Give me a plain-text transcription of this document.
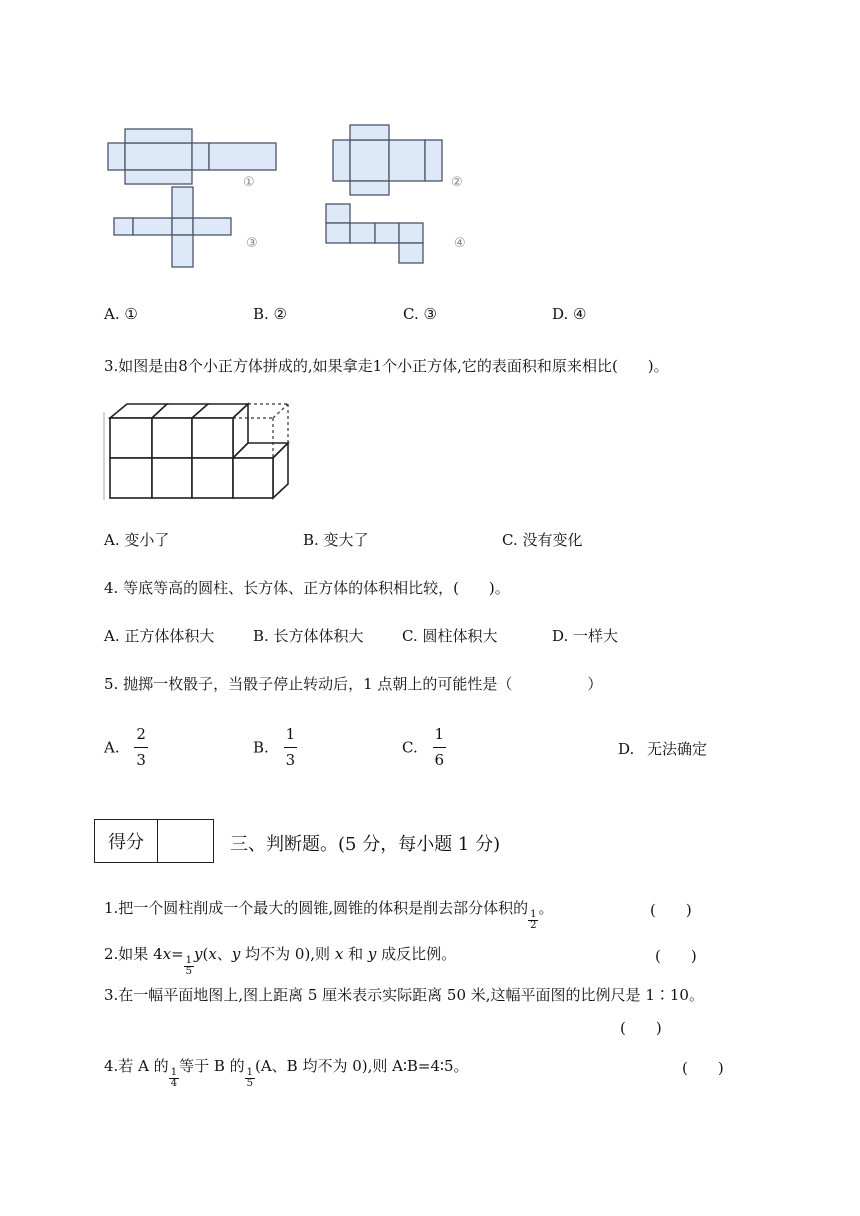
①	②
③	④
A. ①	B. ②	C. ③	D. ④
3.如图是由8个小正方体拼成的,如果拿走1个小正方体,它的表面积和原来相比(　　)。
A. 变小了	B. 变大了	C. 没有变化
4. 等底等高的圆柱、长方体、正方体的体积相比较，(　　)。
A. 正方体体积大	B. 长方体体积大	C. 圆柱体积大	D. 一样大
5. 抛掷一枚骰子，当骰子停止转动后，1 点朝上的可能性是（　　　　　）
A. $\frac{2}{3}$	B. $\frac{1}{3}$	C. $\frac{1}{6}$	D. 无法确定
得分	三、判断题。(5 分，每小题 1 分)
1.把一个圆柱削成一个最大的圆锥,圆锥的体积是削去部分体积的
$\frac{1}{2}$
。	(　　)
2.如果 4x=
$\frac{1}{5}$
y(x、y 均不为 0),则 x 和 y 成反比例。	(　　)
3.在一幅平面地图上,图上距离 5 厘米表示实际距离 50 米,这幅平面图的比例尺是 1∶10。
(　　)
4.若 A 的
$\frac{1}{4}$
等于 B 的
$\frac{1}{5}$
(A、B 均不为 0),则 A∶B=4∶5。	(　　)
